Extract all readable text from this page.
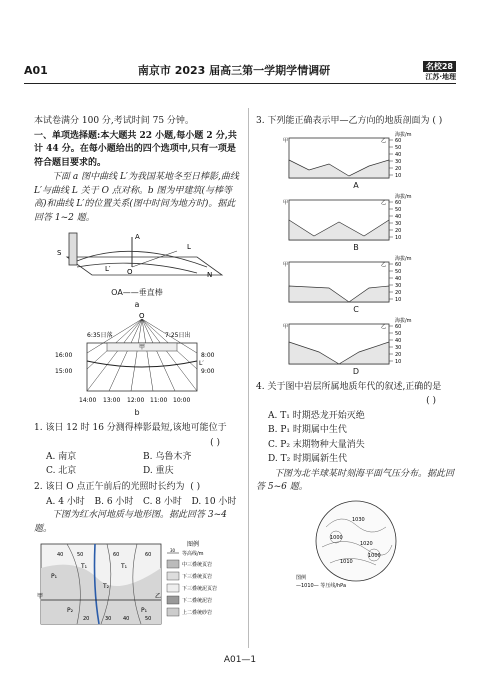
A01	南京市 2023 届高三第一学期学情调研	名校28
江苏·地理

本试卷满分 100 分,考试时间 75 分钟。

一、单项选择题:本大题共 22 小题,每小题 2 分,共计 44 分。在每小题给出的四个选项中,只有一项是符合题目要求的。

下面 a 图中曲线 L′为我国某地冬至日棒影,曲线 L′与曲线 L 关于 O 点对称。b 图为甲建筑(与棒等高)和曲线 L′的位置关系(图中时间为地方时)。据此回答 1~2 题。

A
S
L
L′ O	N
OA——垂直棒
a
O
6:35日落	7:25日出
16:00	8:00
15:00	9:00
甲
L′
14:00 13:00 12:00 11:00 10:00
b

1. 该日 12 时 16 分测得棒影最短,该地可能位于

( )

A. 南京	B. 乌鲁木齐
C. 北京	D. 重庆

2. 该日 O 点正午前后的光照时长约为 ( )

A. 4 小时	B. 6 小时	C. 8 小时	D. 10 小时

下图为红水河地质与地形图。据此回答 3~4 题。

甲	乙
P₁
T₁	T₁
T₂
P₂	P₁
40	50	60	60
20	30 40	50
图例
30
等高线/m
中三叠统页岩
下三叠统页岩
下三叠统泥页岩
下二叠统泥岩
上二叠统砂岩

3. 下列能正确表示甲—乙方向的地质剖面为 ( )

60
50
40
30
20
10
海拔/m
甲	乙
A
60
50
40
30
20
10
海拔/m
甲	乙
B
60
50
40
30
20
10
海拔/m
甲	乙
C
60
50
40
30
20
10
海拔/m
甲	乙
D

4. 关于图中岩层所属地质年代的叙述,正确的是

( )

A. T₁ 时期恐龙开始灭绝

B. P₁ 时期属中生代

C. P₂ 末期物种大量消失

D. T₂ 时期属新生代

下图为北半球某时刻海平面气压分布。据此回答 5~6 题。

1000
1030
1020
1010
1000
图例
—1010— 等压线/hPa
A01—1
